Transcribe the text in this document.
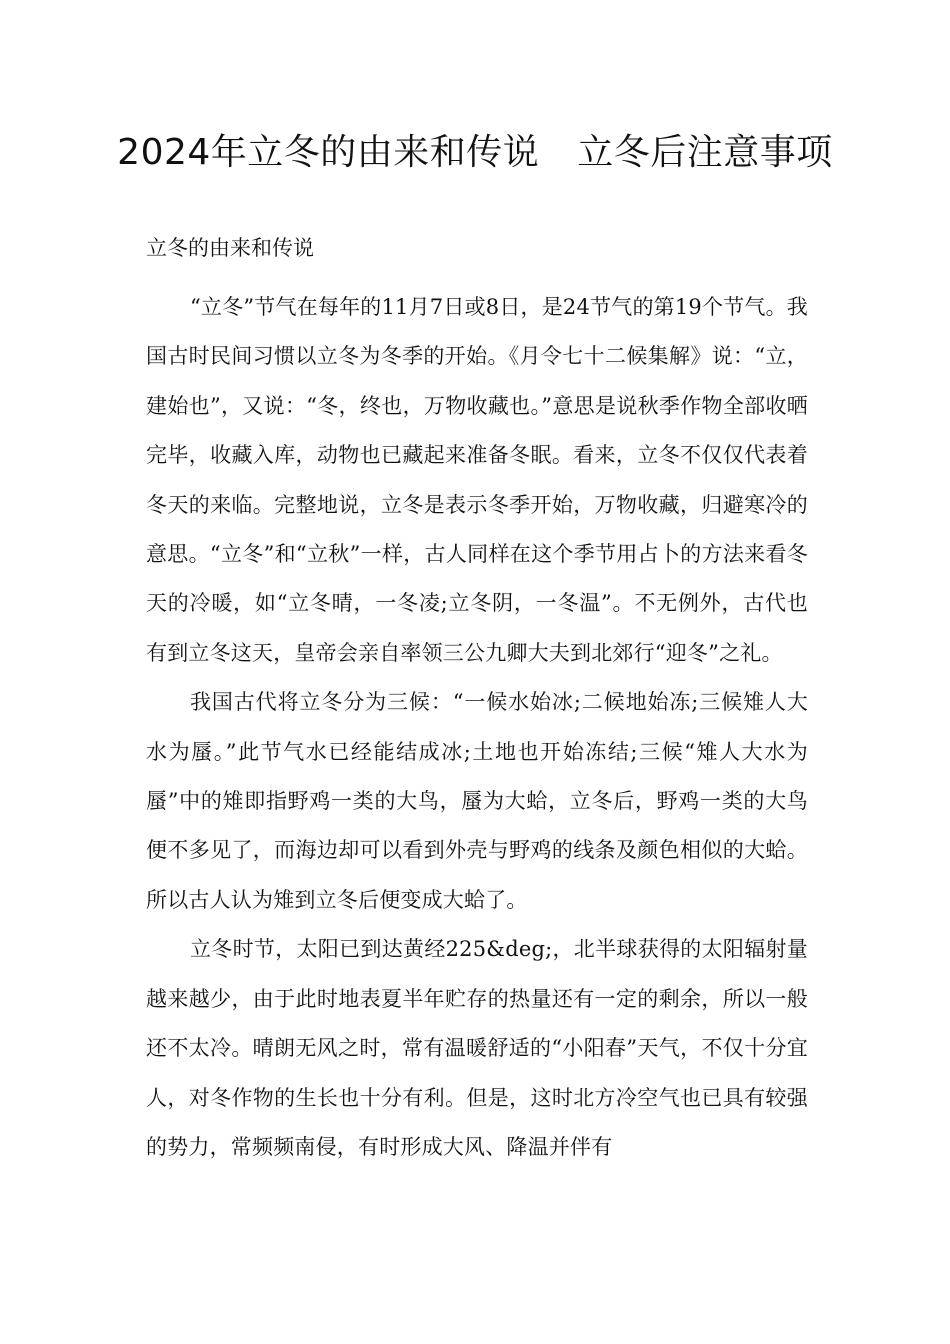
2024年立冬的由来和传说 立冬后注意事项
立冬的由来和传说

“立冬”节气在每年的11月7日或8日，是24节气的第19个节气。我国古时民间习惯以立冬为冬季的开始。《月令七十二候集解》说：“立，建始也”，又说：“冬，终也，万物收藏也。”意思是说秋季作物全部收晒完毕，收藏入库，动物也已藏起来准备冬眠。看来，立冬不仅仅代表着冬天的来临。完整地说，立冬是表示冬季开始，万物收藏，归避寒冷的意思。“立冬”和“立秋”一样，古人同样在这个季节用占卜的方法来看冬天的冷暖，如“立冬晴，一冬凌;立冬阴，一冬温”。不无例外，古代也有到立冬这天，皇帝会亲自率领三公九卿大夫到北郊行“迎冬”之礼。

我国古代将立冬分为三候：“一候水始冰;二候地始冻;三候雉人大水为蜃。”此节气水已经能结成冰;土地也开始冻结;三候“雉人大水为蜃”中的雉即指野鸡一类的大鸟，蜃为大蛤，立冬后，野鸡一类的大鸟便不多见了，而海边却可以看到外壳与野鸡的线条及颜色相似的大蛤。所以古人认为雉到立冬后便变成大蛤了。

立冬时节，太阳已到达黄经225&deg;，北半球获得的太阳辐射量越来越少，由于此时地表夏半年贮存的热量还有一定的剩余，所以一般还不太冷。晴朗无风之时，常有温暖舒适的“小阳春”天气，不仅十分宜人，对冬作物的生长也十分有利。但是，这时北方冷空气也已具有较强的势力，常频频南侵，有时形成大风、降温并伴有
